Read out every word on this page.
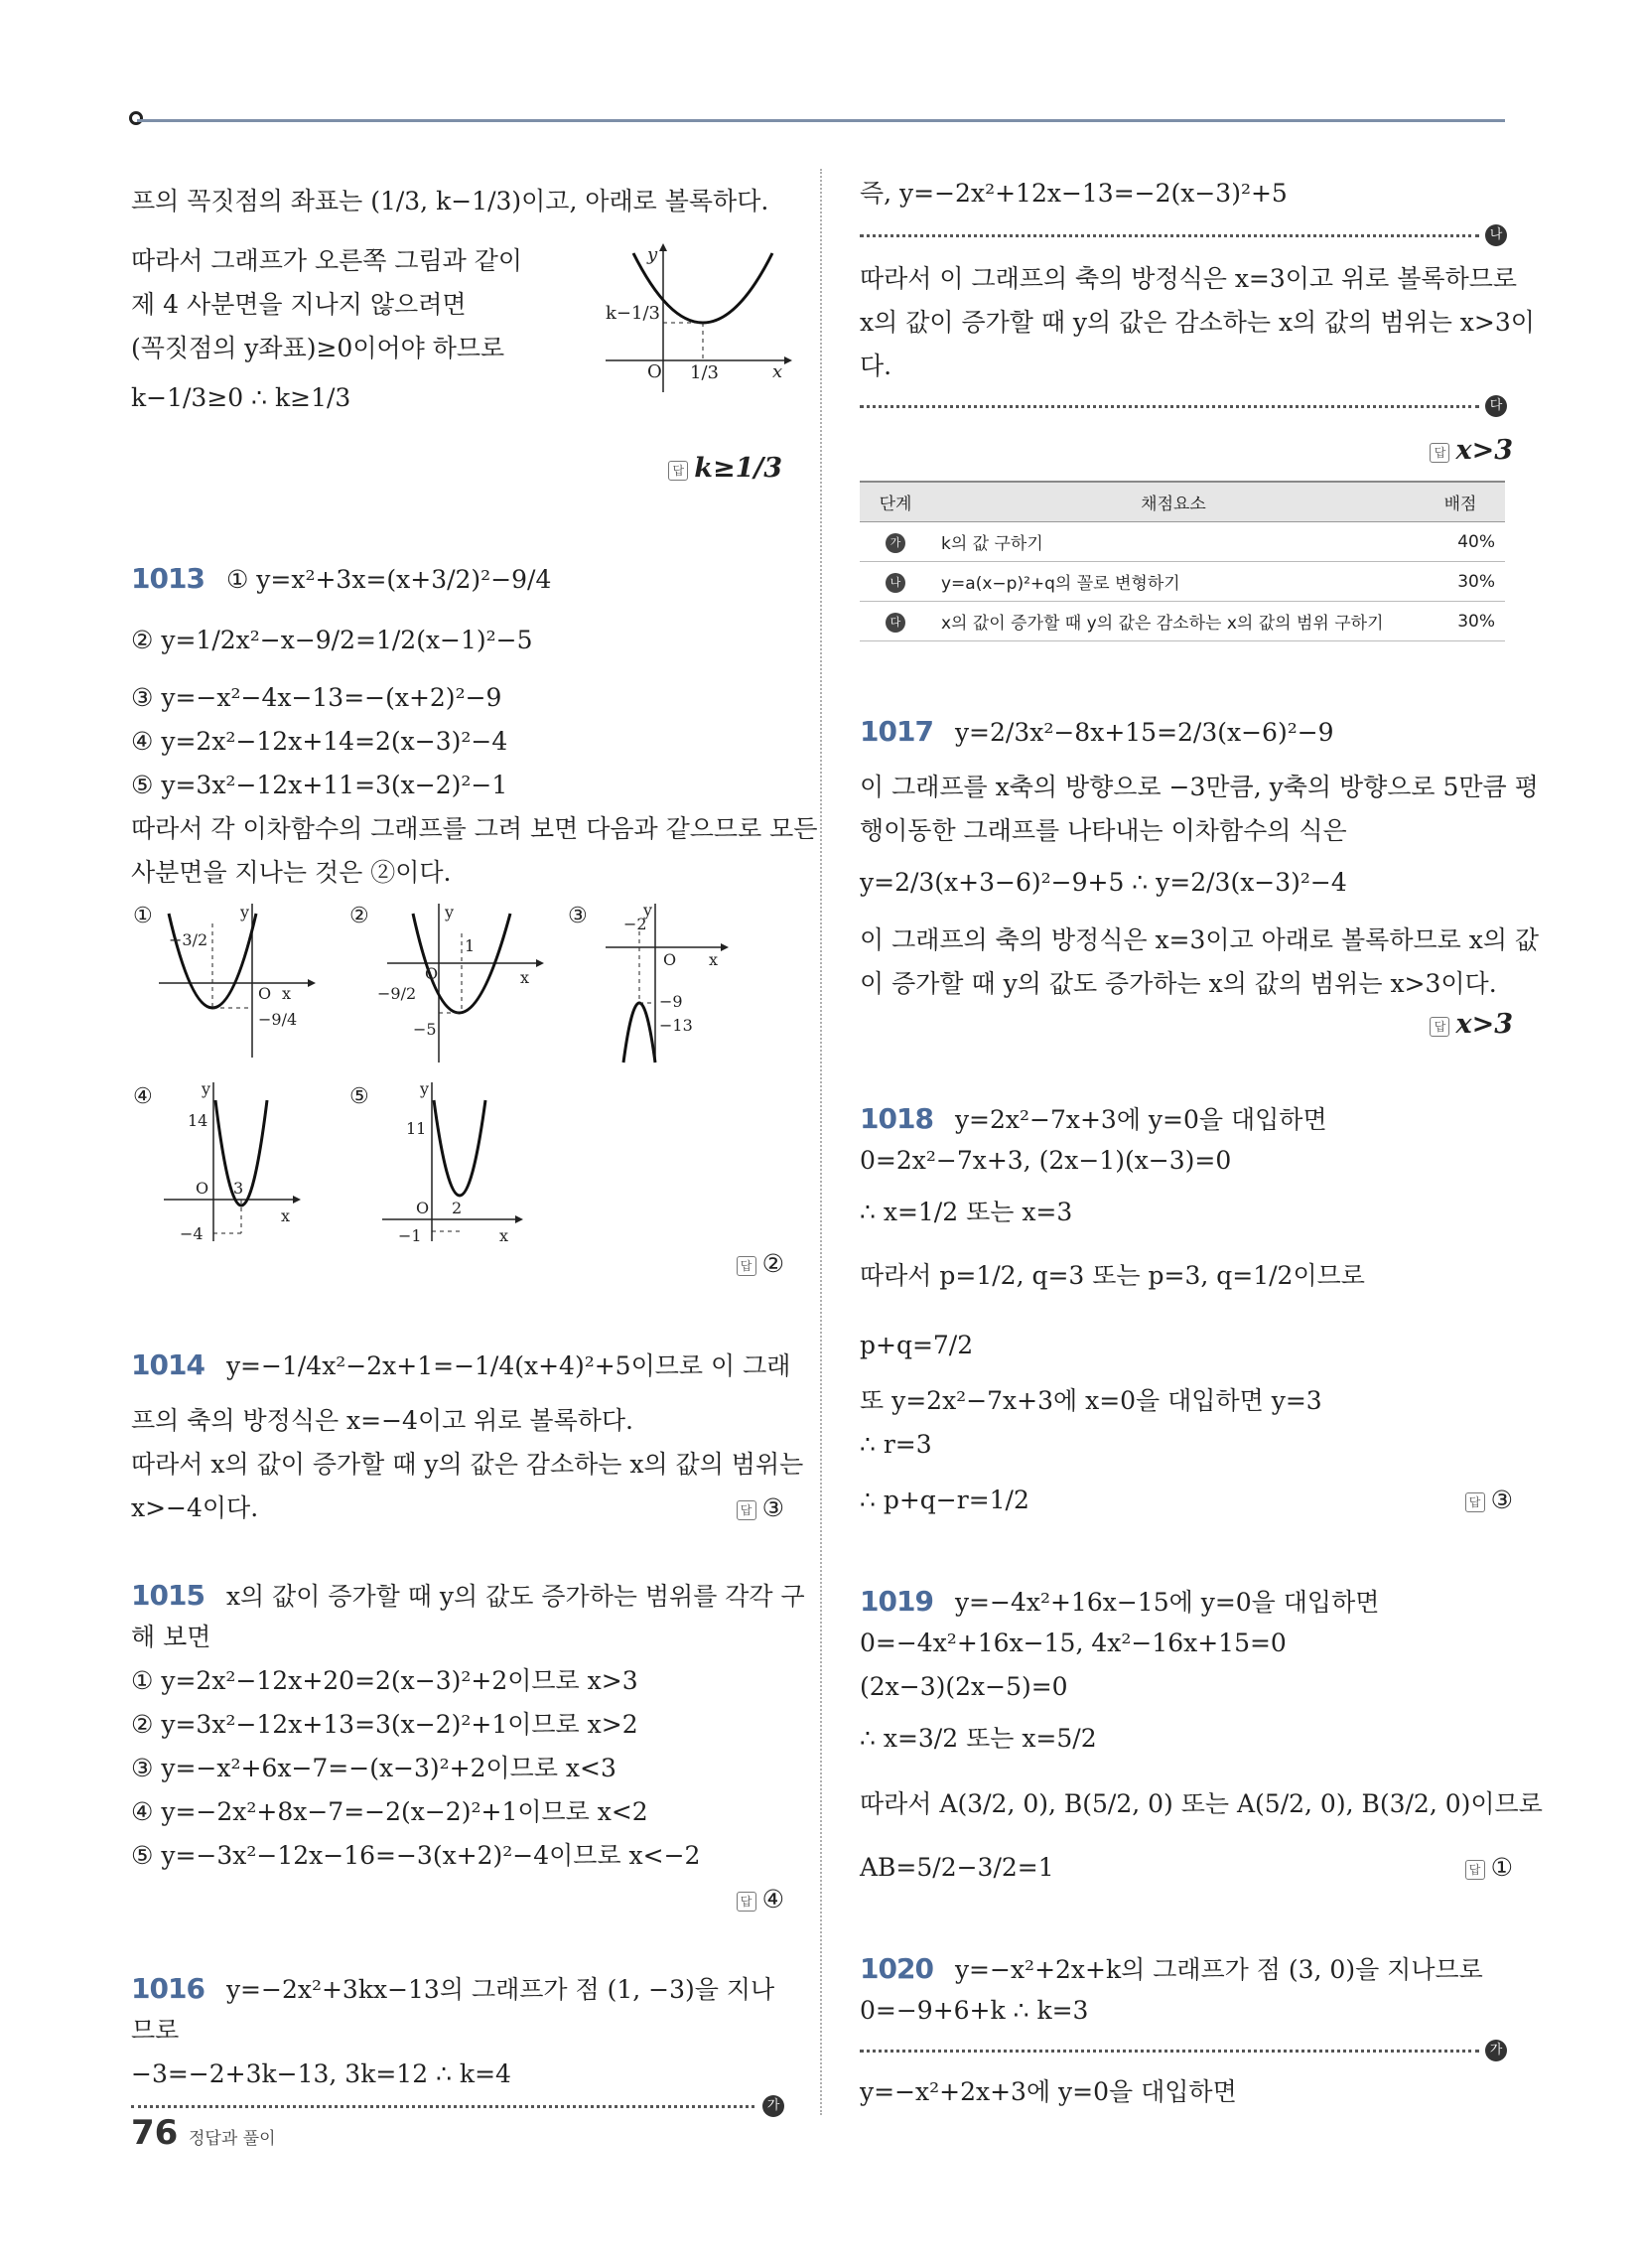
프의 꼭짓점의 좌표는 (1/3, k−1/3)이고, 아래로 볼록하다.
따라서 그래프가 오른쪽 그림과 같이
제 4 사분면을 지나지 않으려면
(꼭짓점의 y좌표)≥0이어야 하므로
k−1/3≥0 ∴ k≥1/3
k−1/3
1/3
O	x
y
답 k≥1/3
1013 ① y=x²+3x=(x+3/2)²−9/4
② y=1/2x²−x−9/2=1/2(x−1)²−5
③ y=−x²−4x−13=−(x+2)²−9
④ y=2x²−12x+14=2(x−3)²−4
⑤ y=3x²−12x+11=3(x−2)²−1
따라서 각 이차함수의 그래프를 그려 보면 다음과 같으므로 모든
사분면을 지나는 것은 ②이다.
①
−3/2
O x
y
−9/4
②
1
O	x
y
−9/2
−5
③ −2
O x
y
−9
−13
④
14
O 3
x
y
−4
⑤
11
O 2
x
y
−1
답 ②
1014 y=−1/4x²−2x+1=−1/4(x+4)²+5이므로 이 그래
프의 축의 방정식은 x=−4이고 위로 볼록하다.
따라서 x의 값이 증가할 때 y의 값은 감소하는 x의 값의 범위는
x>−4이다.	답 ③
1015 x의 값이 증가할 때 y의 값도 증가하는 범위를 각각 구
해 보면
① y=2x²−12x+20=2(x−3)²+2이므로 x>3
② y=3x²−12x+13=3(x−2)²+1이므로 x>2
③ y=−x²+6x−7=−(x−3)²+2이므로 x<3
④ y=−2x²+8x−7=−2(x−2)²+1이므로 x<2
⑤ y=−3x²−12x−16=−3(x+2)²−4이므로 x<−2
답 ④
1016 y=−2x²+3kx−13의 그래프가 점 (1, −3)을 지나
므로
−3=−2+3k−13, 3k=12 ∴ k=4
가
즉, y=−2x²+12x−13=−2(x−3)²+5
나
따라서 이 그래프의 축의 방정식은 x=3이고 위로 볼록하므로
x의 값이 증가할 때 y의 값은 감소하는 x의 값의 범위는 x>3이
다.
다
답 x>3
단계	채점요소	배점
가	k의 값 구하기	40%
나	y=a(x−p)²+q의 꼴로 변형하기	30%
다	x의 값이 증가할 때 y의 값은 감소하는 x의 값의 범위 구하기	30%
1017 y=2/3x²−8x+15=2/3(x−6)²−9
이 그래프를 x축의 방향으로 −3만큼, y축의 방향으로 5만큼 평
행이동한 그래프를 나타내는 이차함수의 식은
y=2/3(x+3−6)²−9+5 ∴ y=2/3(x−3)²−4
이 그래프의 축의 방정식은 x=3이고 아래로 볼록하므로 x의 값
이 증가할 때 y의 값도 증가하는 x의 값의 범위는 x>3이다.
답 x>3
1018 y=2x²−7x+3에 y=0을 대입하면
0=2x²−7x+3, (2x−1)(x−3)=0
∴ x=1/2 또는 x=3
따라서 p=1/2, q=3 또는 p=3, q=1/2이므로
p+q=7/2
또 y=2x²−7x+3에 x=0을 대입하면 y=3
∴ r=3
∴ p+q−r=1/2	답 ③
1019 y=−4x²+16x−15에 y=0을 대입하면
0=−4x²+16x−15, 4x²−16x+15=0
(2x−3)(2x−5)=0
∴ x=3/2 또는 x=5/2
따라서 A(3/2, 0), B(5/2, 0) 또는 A(5/2, 0), B(3/2, 0)이므로
AB=5/2−3/2=1	답 ①
1020 y=−x²+2x+k의 그래프가 점 (3, 0)을 지나므로
0=−9+6+k ∴ k=3
가
y=−x²+2x+3에 y=0을 대입하면
76 정답과 풀이
